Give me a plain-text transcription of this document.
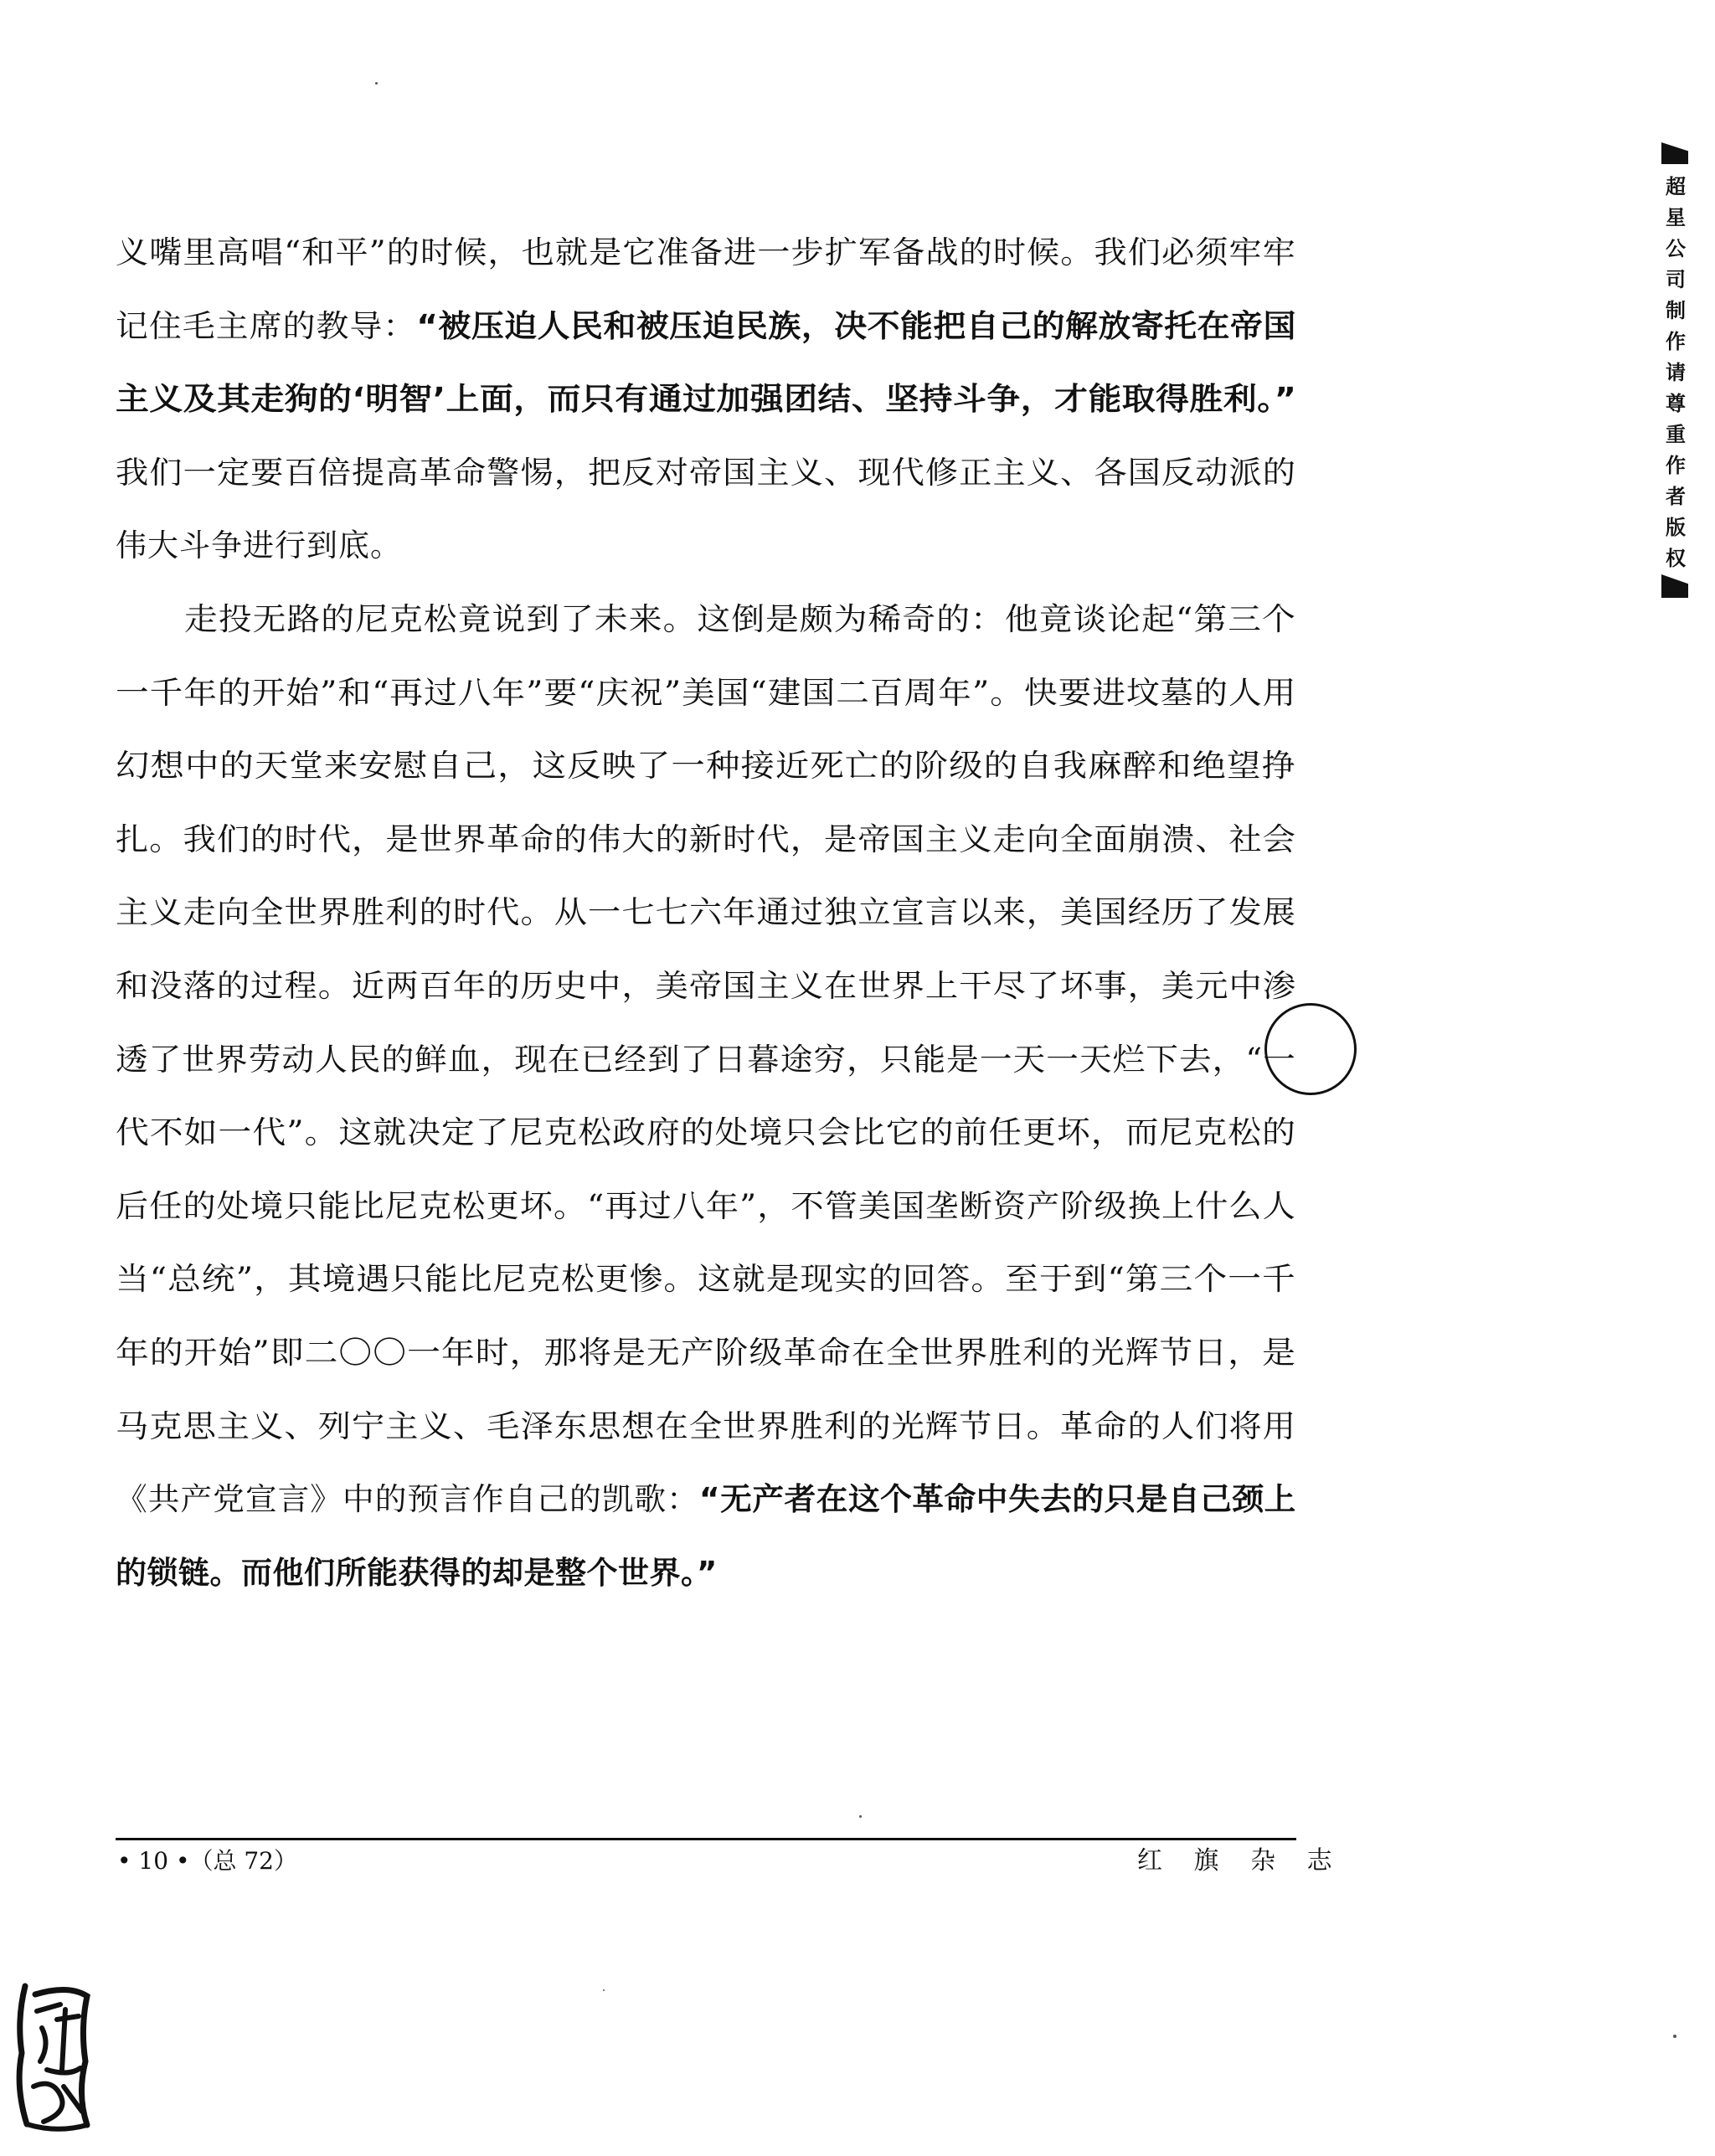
义嘴里高唱“和平”的时候，也就是它准备进一步扩军备战的时候。我们必须牢牢
记住毛主席的教导：“被压迫人民和被压迫民族，决不能把自己的解放寄托在帝国
主义及其走狗的‘明智’上面，而只有通过加强团结、坚持斗争，才能取得胜利。”
我们一定要百倍提高革命警惕，把反对帝国主义、现代修正主义、各国反动派的
伟大斗争进行到底。
走投无路的尼克松竟说到了未来。这倒是颇为稀奇的：他竟谈论起“第三个
一千年的开始”和“再过八年”要“庆祝”美国“建国二百周年”。快要进坟墓的人用
幻想中的天堂来安慰自己，这反映了一种接近死亡的阶级的自我麻醉和绝望挣
扎。我们的时代，是世界革命的伟大的新时代，是帝国主义走向全面崩溃、社会
主义走向全世界胜利的时代。从一七七六年通过独立宣言以来，美国经历了发展
和没落的过程。近两百年的历史中，美帝国主义在世界上干尽了坏事，美元中渗
透了世界劳动人民的鲜血，现在已经到了日暮途穷，只能是一天一天烂下去，“一
代不如一代”。这就决定了尼克松政府的处境只会比它的前任更坏，而尼克松的
后任的处境只能比尼克松更坏。“再过八年”，不管美国垄断资产阶级换上什么人
当“总统”，其境遇只能比尼克松更惨。这就是现实的回答。至于到“第三个一千
年的开始”即二〇〇一年时，那将是无产阶级革命在全世界胜利的光辉节日，是
马克思主义、列宁主义、毛泽东思想在全世界胜利的光辉节日。革命的人们将用
《共产党宣言》中的预言作自己的凯歌：“无产者在这个革命中失去的只是自己颈上
的锁链。而他们所能获得的却是整个世界。”
• 10 •（总 72）	红 旗 杂 志
超星公司制作请尊重作者版权
